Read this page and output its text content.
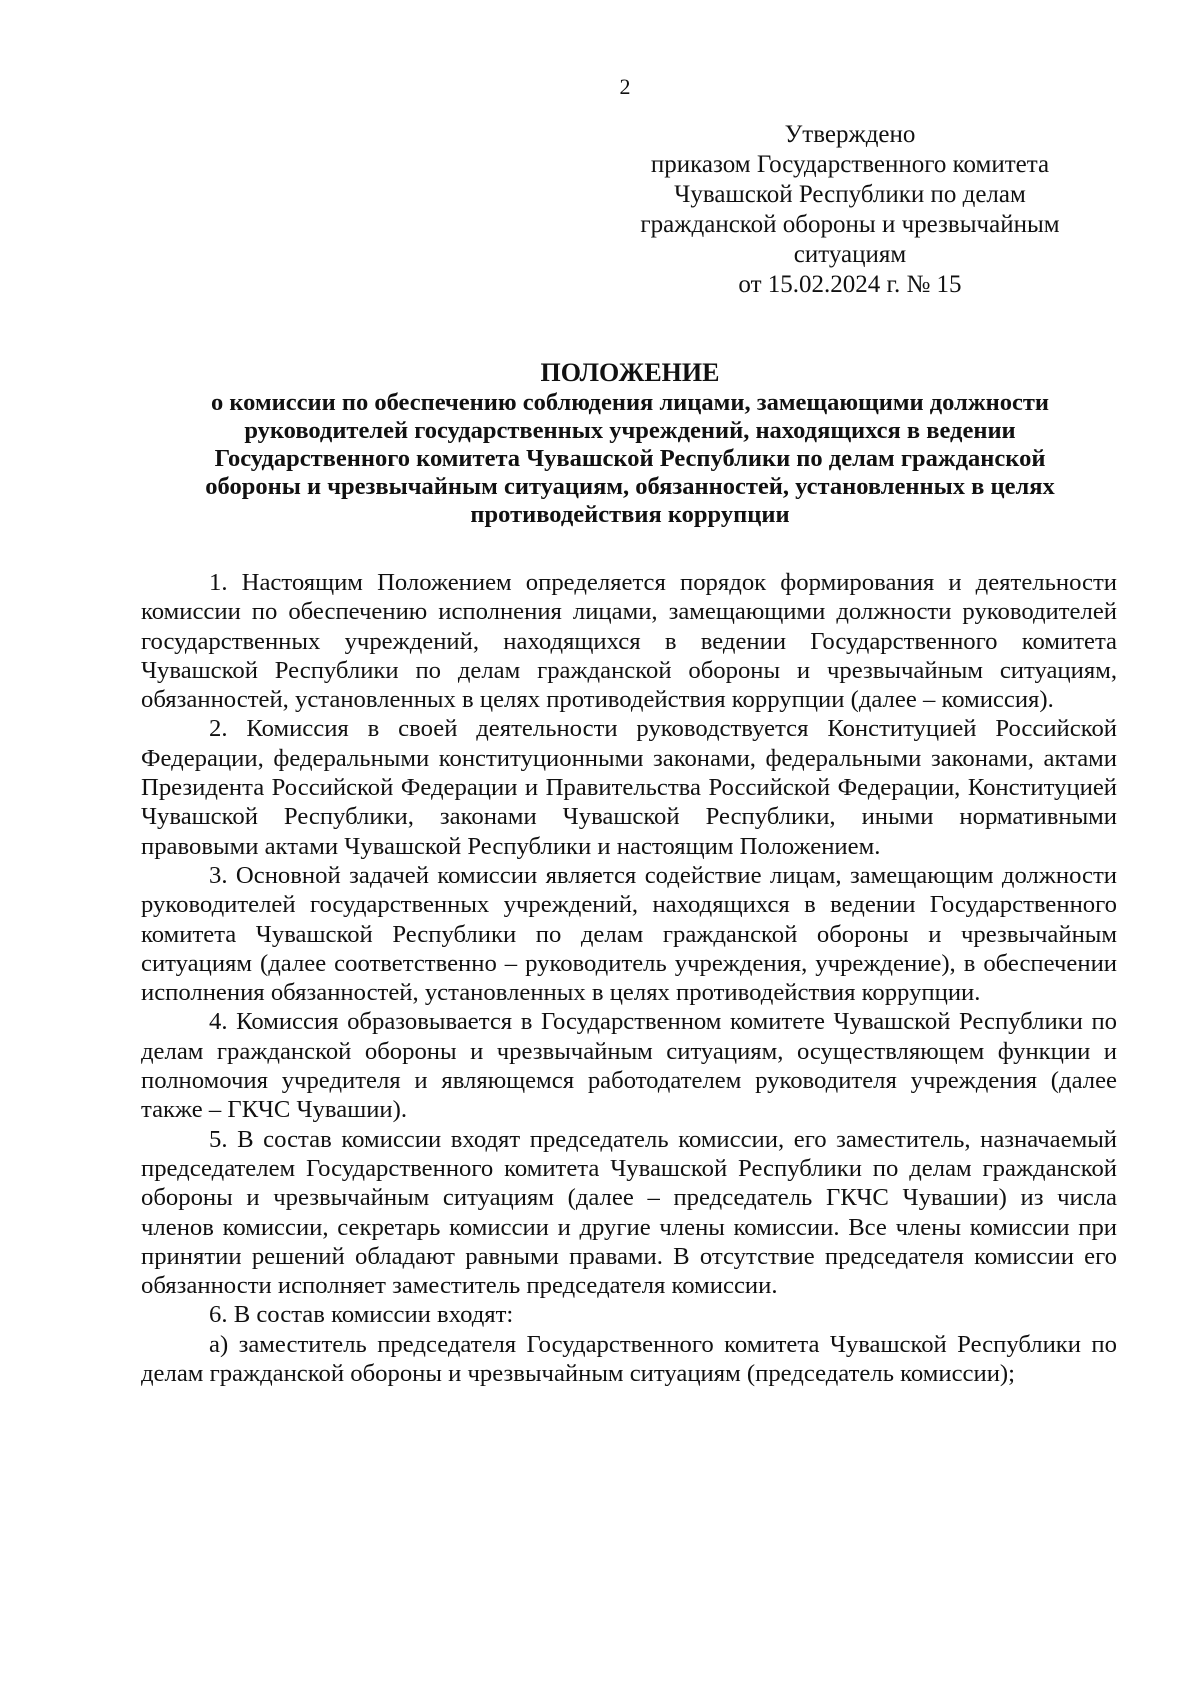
2
Утверждено
приказом Государственного комитета
Чувашской Республики по делам
гражданской обороны и чрезвычайным
ситуациям
от 15.02.2024 г. № 15
ПОЛОЖЕНИЕ
о комиссии по обеспечению соблюдения лицами, замещающими должности
руководителей государственных учреждений, находящихся в ведении
Государственного комитета Чувашской Республики по делам гражданской
обороны и чрезвычайным ситуациям, обязанностей, установленных в целях
противодействия коррупции

1. Настоящим Положением определяется порядок формирования и деятельности комиссии по обеспечению исполнения лицами, замещающими должности руководителей государственных учреждений, находящихся в ведении Государственного комитета Чувашской Республики по делам гражданской обороны и чрезвычайным ситуациям, обязанностей, установленных в целях противодействия коррупции (далее – комиссия).

2. Комиссия в своей деятельности руководствуется Конституцией Российской Федерации, федеральными конституционными законами, федеральными законами, актами Президента Российской Федерации и Правительства Российской Федерации, Конституцией Чувашской Республики, законами Чувашской Республики, иными нормативными правовыми актами Чувашской Республики и настоящим Положением.

3. Основной задачей комиссии является содействие лицам, замещающим должности руководителей государственных учреждений, находящихся в ведении Государственного комитета Чувашской Республики по делам гражданской обороны и чрезвычайным ситуациям (далее соответственно – руководитель учреждения, учреждение), в обеспечении исполнения обязанностей, установленных в целях противодействия коррупции.

4. Комиссия образовывается в Государственном комитете Чувашской Республики по делам гражданской обороны и чрезвычайным ситуациям, осуществляющем функции и полномочия учредителя и являющемся работодателем руководителя учреждения (далее также – ГКЧС Чувашии).

5. В состав комиссии входят председатель комиссии, его заместитель, назначаемый председателем Государственного комитета Чувашской Республики по делам гражданской обороны и чрезвычайным ситуациям (далее – председатель ГКЧС Чувашии) из числа членов комиссии, секретарь комиссии и другие члены комиссии. Все члены комиссии при принятии решений обладают равными правами. В отсутствие председателя комиссии его обязанности исполняет заместитель председателя комиссии.

6. В состав комиссии входят:

а) заместитель председателя Государственного комитета Чувашской Республики по делам гражданской обороны и чрезвычайным ситуациям (председатель комиссии);
